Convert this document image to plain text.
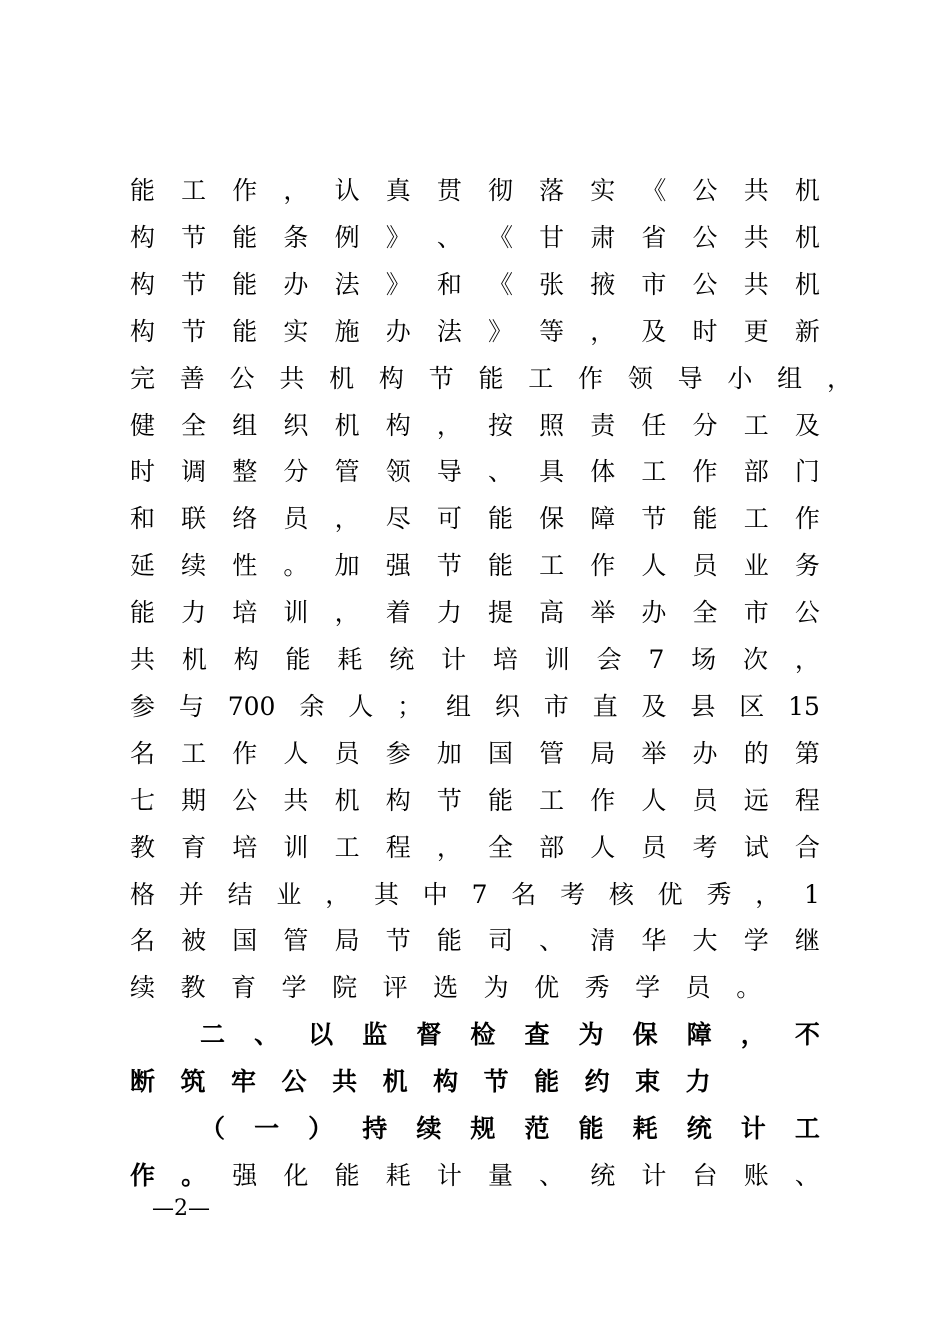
能 工 作 ， 认 真 贯 彻 落 实 《 公 共 机
构 节 能 条 例 》 、 《 甘 肃 省 公 共 机
构 节 能 办 法 》 和 《 张 掖 市 公 共 机
构 节 能 实 施 办 法 》 等 ， 及 时 更 新
完 善 公 共 机 构 节 能 工 作 领 导 小 组 ，
健 全 组 织 机 构 ， 按 照 责 任 分 工 及
时 调 整 分 管 领 导 、 具 体 工 作 部 门
和 联 络 员 ， 尽 可 能 保 障 节 能 工 作
延 续 性 。 加 强 节 能 工 作 人 员 业 务
能 力 培 训 ， 着 力 提 高 举 办 全 市 公
共 机 构 能 耗 统 计 培 训 会 7 场 次 ，
参 与 700 余 人 ； 组 织 市 直 及 县 区 15
名 工 作 人 员 参 加 国 管 局 举 办 的 第
七 期 公 共 机 构 节 能 工 作 人 员 远 程
教 育 培 训 工 程 ， 全 部 人 员 考 试 合
格 并 结 业 ， 其 中 7 名 考 核 优 秀 ， 1
名 被 国 管 局 节 能 司 、 清 华 大 学 继
续 教 育 学 院 评 选 为 优 秀 学 员 。
二 、 以 监 督 检 查 为 保 障 ， 不
断 筑 牢 公 共 机 构 节 能 约 束 力
（ 一 ） 持 续 规 范 能 耗 统 计 工
作 。 强 化 能 耗 计 量 、 统 计 台 账 、
—2—
